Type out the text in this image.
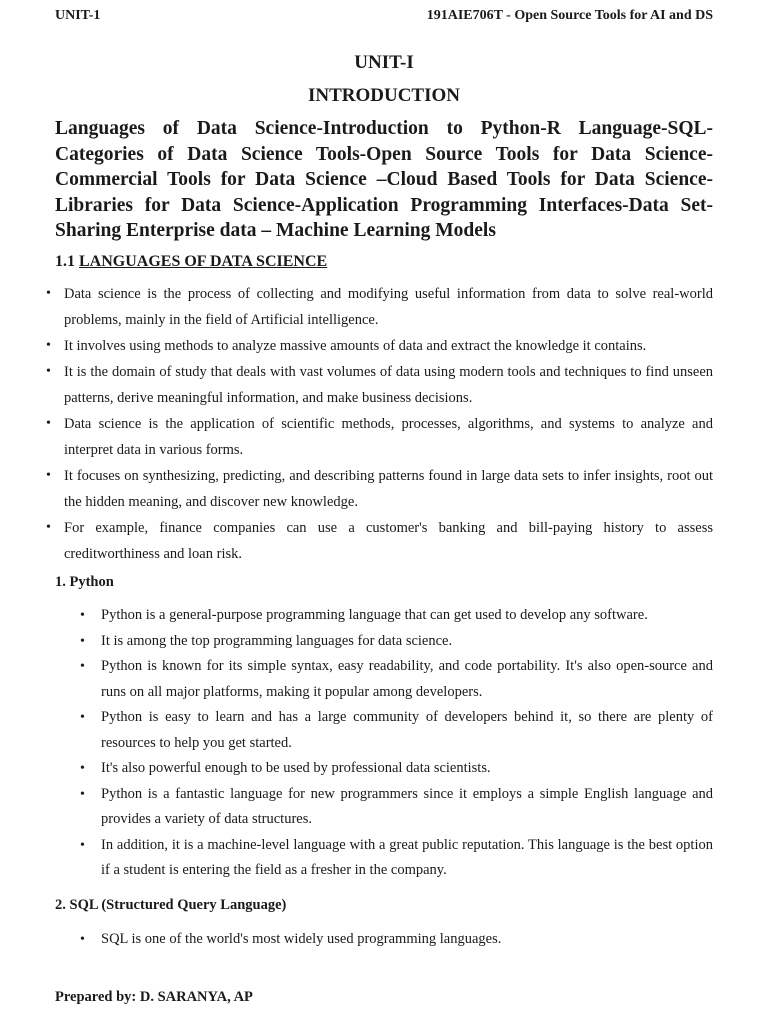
UNIT-1	191AIE706T - Open Source Tools for AI and DS
UNIT-I
INTRODUCTION
Languages of Data Science-Introduction to Python-R Language-SQL-Categories of Data Science Tools-Open Source Tools for Data Science-Commercial Tools for Data Science –Cloud Based Tools for Data Science-Libraries for Data Science-Application Programming Interfaces-Data Set- Sharing Enterprise data – Machine Learning Models
1.1 LANGUAGES OF DATA SCIENCE
• Data science is the process of collecting and modifying useful information from data to solve real-world problems, mainly in the field of Artificial intelligence.
• It involves using methods to analyze massive amounts of data and extract the knowledge it contains.
• It is the domain of study that deals with vast volumes of data using modern tools and techniques to find unseen patterns, derive meaningful information, and make business decisions.
• Data science is the application of scientific methods, processes, algorithms, and systems to analyze and interpret data in various forms.
• It focuses on synthesizing, predicting, and describing patterns found in large data sets to infer insights, root out the hidden meaning, and discover new knowledge.
• For example, finance companies can use a customer's banking and bill-paying history to assess creditworthiness and loan risk.
1. Python
• Python is a general-purpose programming language that can get used to develop any software.
• It is among the top programming languages for data science.
• Python is known for its simple syntax, easy readability, and code portability. It's also open-source and runs on all major platforms, making it popular among developers.
• Python is easy to learn and has a large community of developers behind it, so there are plenty of resources to help you get started.
• It's also powerful enough to be used by professional data scientists.
• Python is a fantastic language for new programmers since it employs a simple English language and provides a variety of data structures.
• In addition, it is a machine-level language with a great public reputation. This language is the best option if a student is entering the field as a fresher in the company.
2. SQL (Structured Query Language)
• SQL is one of the world's most widely used programming languages.
Prepared by: D. SARANYA, AP
